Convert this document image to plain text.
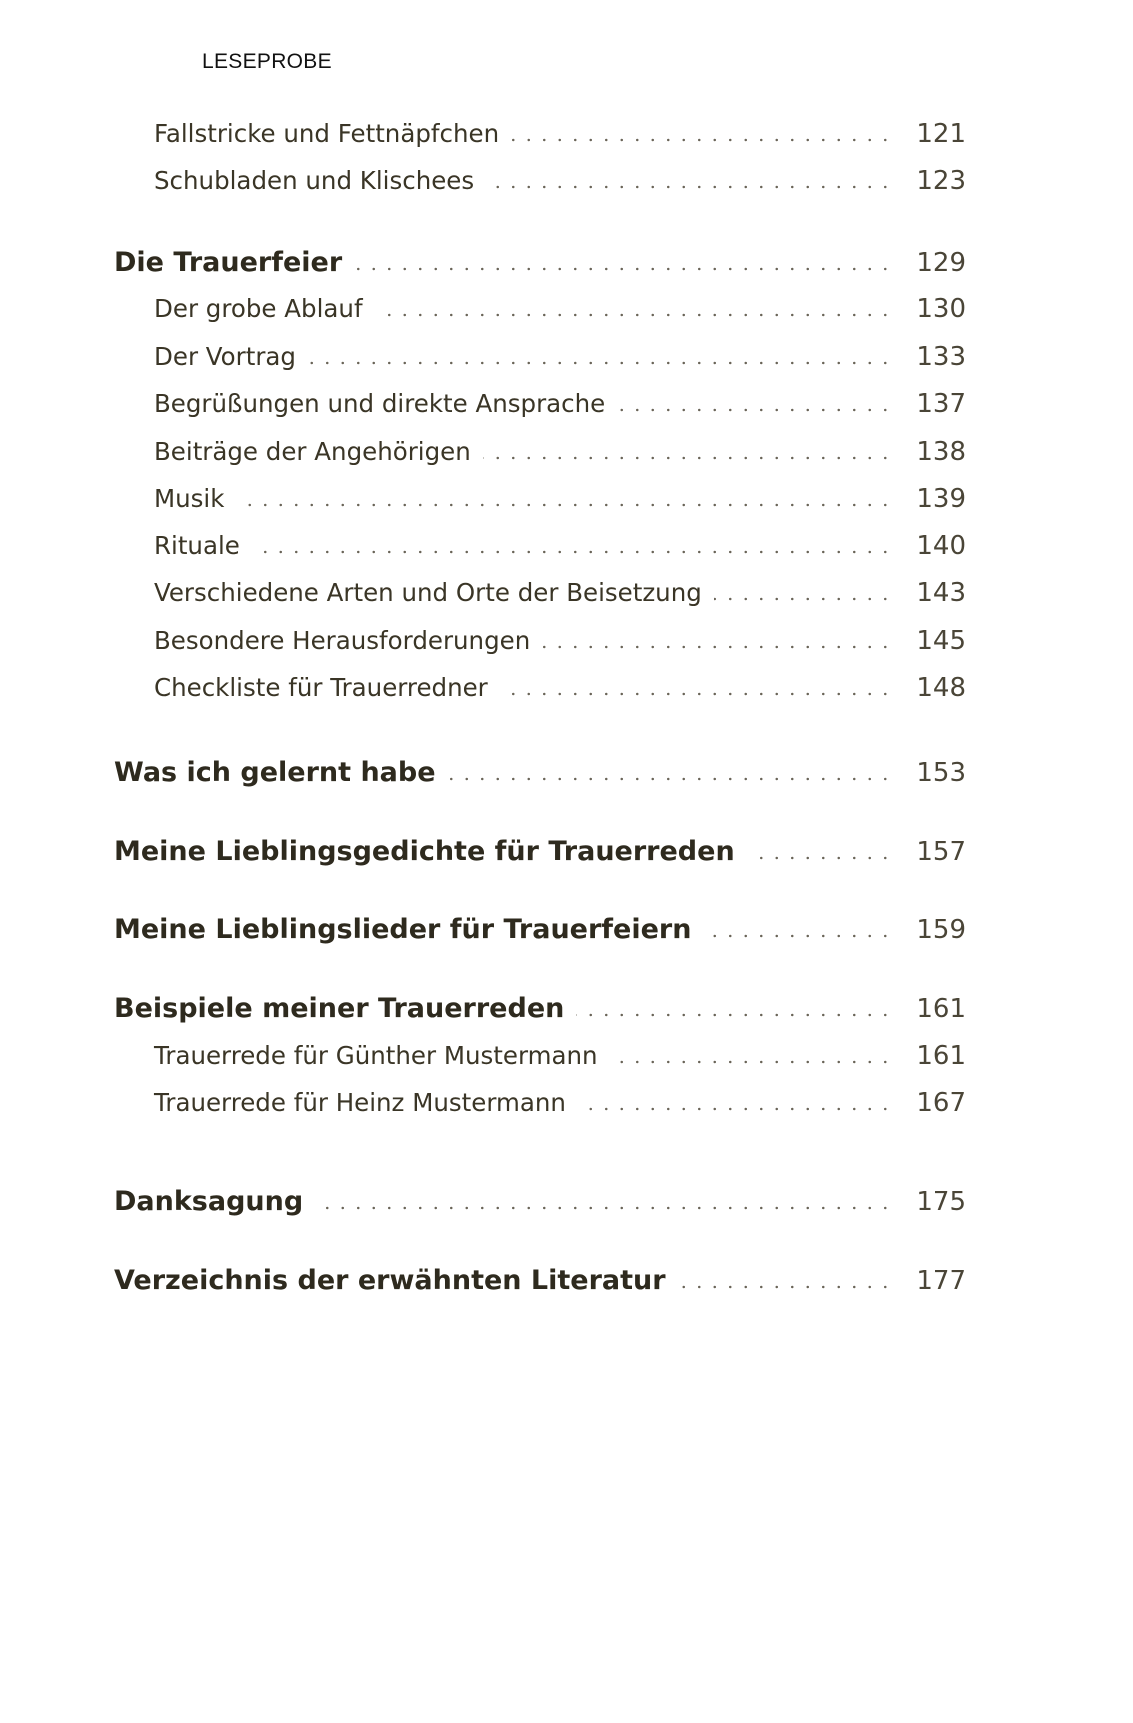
LESEPROBE
Fallstricke und Fettnäpfchen	121
Schubladen und Klischees	123
Die Trauerfeier	129
Der grobe Ablauf	130
Der Vortrag	133
Begrüßungen und direkte Ansprache	137
Beiträge der Angehörigen	138
Musik	139
Rituale	140
Verschiedene Arten und Orte der Beisetzung	143
Besondere Herausforderungen	145
Checkliste für Trauerredner	148
Was ich gelernt habe	153
Meine Lieblingsgedichte für Trauerreden	157
Meine Lieblingslieder für Trauerfeiern	159
Beispiele meiner Trauerreden	161
Trauerrede für Günther Mustermann	161
Trauerrede für Heinz Mustermann	167
Danksagung	175
Verzeichnis der erwähnten Literatur	177
